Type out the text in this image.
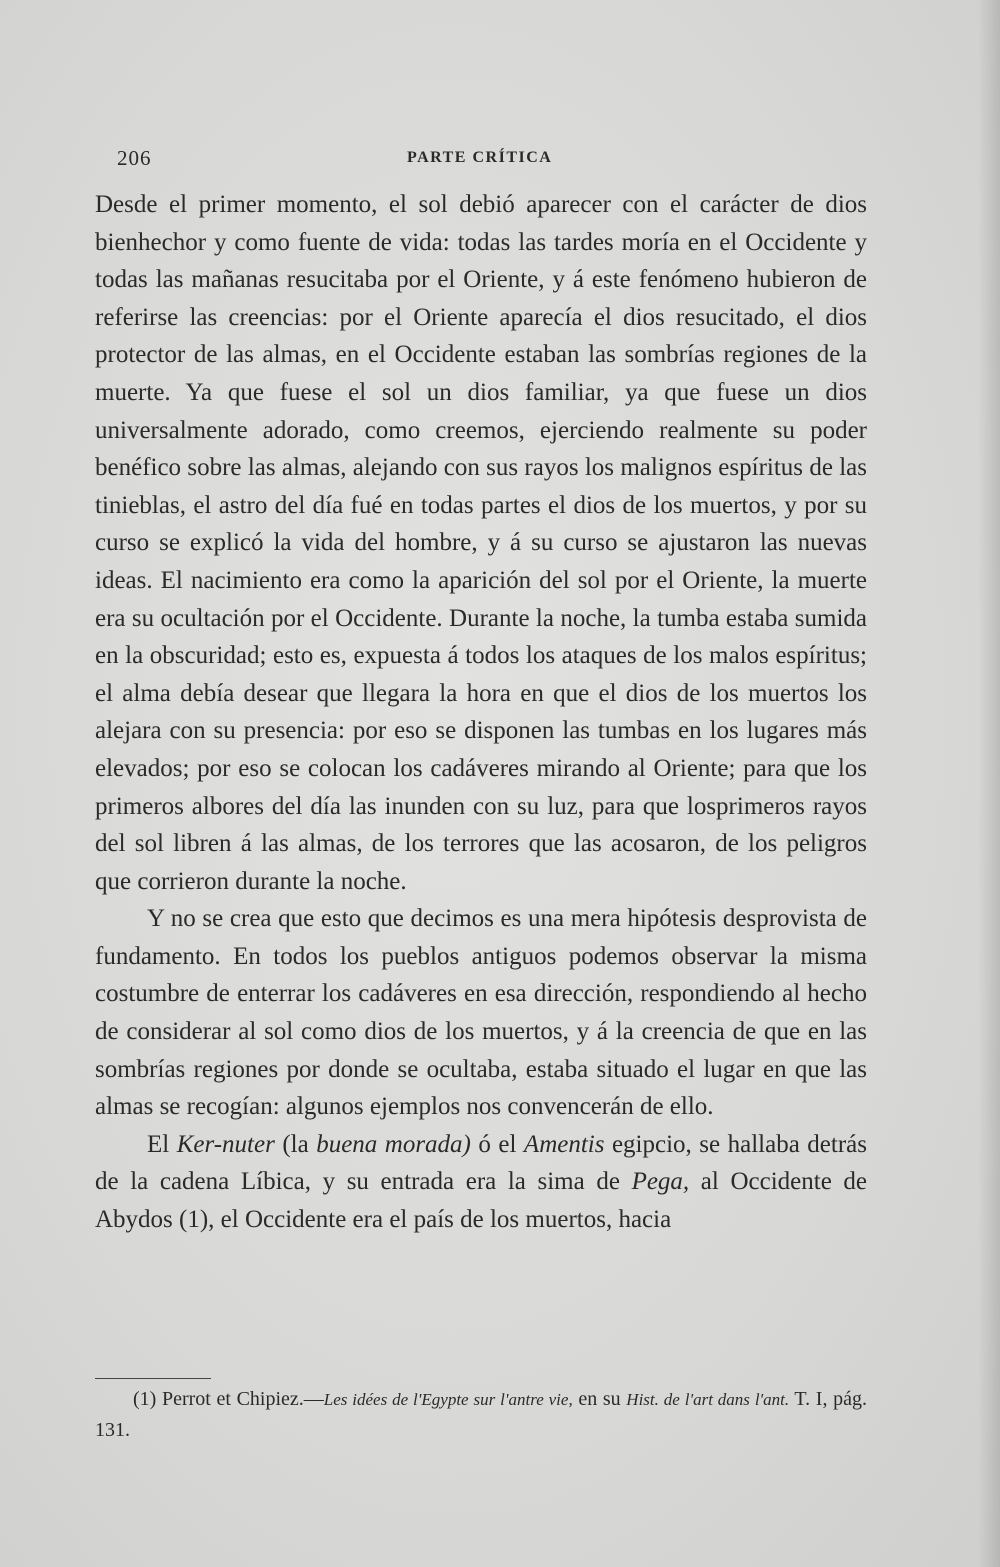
206	PARTE CRÍTICA

Desde el primer momento, el sol debió aparecer con el carácter de dios bienhechor y como fuente de vida: todas las tardes moría en el Occidente y todas las mañanas resucitaba por el Oriente, y á este fenómeno hubieron de referirse las creencias: por el Oriente aparecía el dios resucitado, el dios protector de las almas, en el Occidente estaban las sombrías regiones de la muerte. Ya que fuese el sol un dios familiar, ya que fuese un dios universalmente adorado, como creemos, ejerciendo realmente su poder benéfico sobre las almas, alejando con sus rayos los malignos espíritus de las tinieblas, el astro del día fué en todas partes el dios de los muertos, y por su curso se explicó la vida del hombre, y á su curso se ajustaron las nuevas ideas. El nacimiento era como la aparición del sol por el Oriente, la muerte era su ocultación por el Occidente. Durante la noche, la tumba estaba sumida en la obscuridad; esto es, expuesta á todos los ataques de los malos espíritus; el alma debía desear que llegara la hora en que el dios de los muertos los alejara con su presencia: por eso se disponen las tumbas en los lugares más elevados; por eso se colocan los cadáveres mirando al Oriente; para que los primeros albores del día las inunden con su luz, para que losprimeros rayos del sol libren á las almas, de los terrores que las acosaron, de los peligros que corrieron durante la noche.

Y no se crea que esto que decimos es una mera hipótesis desprovista de fundamento. En todos los pueblos antiguos podemos observar la misma costumbre de enterrar los cadáveres en esa dirección, respondiendo al hecho de considerar al sol como dios de los muertos, y á la creencia de que en las sombrías regiones por donde se ocultaba, estaba situado el lugar en que las almas se recogían: algunos ejemplos nos convencerán de ello.

El Ker-nuter (la buena morada) ó el Amentis egipcio, se hallaba detrás de la cadena Líbica, y su entrada era la sima de Pega, al Occidente de Abydos (1), el Occidente era el país de los muertos, hacia

(1) Perrot et Chipiez.—Les idées de l'Egypte sur l'antre vie, en su Hist. de l'art dans l'ant. T. I, pág. 131.
